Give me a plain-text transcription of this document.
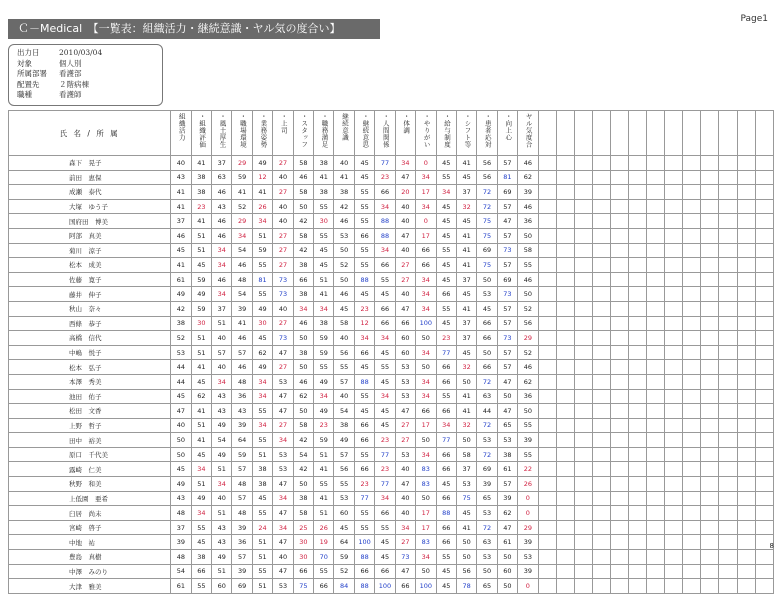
Ｃ－Medical　【一覧表：組織活力・継続意識・ヤル気の度合い】
Page1
出力日	2010/03/04
対象	個人別
所属部署	看護部
配置先	２階病棟
職種	看護師
氏 名 / 所 属	組織活力	・組織評価	・風土厚生	・職場環境	・業務姿勢	・上司	・スタッフ	・職務満足	継続意識	・継続意思	・人間関係	・体調	・やりがい	・給与制度	・シフト等	・患者応対	・向上心	ヤル気度合													

森下　晃子	40	41	37	29	49	27	58	38	40	45	77	34	0	45	41	56	57	46													
前田　恵保	43	38	63	59	12	40	46	41	41	45	23	47	34	55	45	56	81	62													
成瀬　泰代	41	38	46	41	41	27	58	38	38	55	66	20	17	34	37	72	69	39													
大塚　ゆう子	41	23	43	52	26	40	50	55	42	55	34	40	34	45	32	72	57	46													
国府田　博美	37	41	46	29	34	40	42	30	46	55	88	40	0	45	45	75	47	36													
阿部　真美	46	51	46	34	51	27	58	55	53	66	88	47	17	45	41	75	57	50													
菊川　涼子	45	51	34	54	59	27	42	45	50	55	34	40	66	55	41	69	73	58													
松本　成美	41	45	34	46	55	27	38	45	52	55	66	27	66	45	41	75	57	55													
佐藤　寛子	61	59	46	48	81	73	66	51	50	88	55	27	34	45	37	50	69	46													
藤井　伸子	49	49	34	54	55	73	38	41	46	45	45	40	34	66	45	53	73	50													
秋山　奈々	42	59	37	39	49	40	34	34	45	23	66	47	34	55	41	45	57	52													
西條　恭子	38	30	51	41	30	27	46	38	58	12	66	66	100	45	37	66	57	56													
高橋　信代	52	51	40	46	45	73	50	59	40	34	34	60	50	23	37	66	73	29													
中嶋　悦子	53	51	57	57	62	47	38	59	56	66	45	60	34	77	45	50	57	52													
松本　弘子	44	41	40	46	49	27	50	55	55	45	55	53	50	66	32	66	57	46													
本澤　秀美	44	45	34	48	34	53	46	49	57	88	45	53	34	66	50	72	47	62													
池田　佑子	45	62	43	36	34	47	62	34	40	55	34	53	34	55	41	63	50	36													
松田　文香	47	41	43	43	55	47	50	49	54	45	45	47	66	66	41	44	47	50													
上野　哲子	40	51	49	39	34	27	58	23	38	66	45	27	17	34	32	72	65	55													
田中　裕美	50	41	54	64	55	34	42	59	49	66	23	27	50	77	50	53	53	39													
原口　千代美	50	45	49	59	51	53	54	51	57	55	77	53	34	66	58	72	38	55													
露崎　仁美	45	34	51	57	38	53	42	41	56	66	23	40	83	66	37	69	61	22													
秋野　和美	49	51	34	48	38	47	50	55	55	23	77	47	83	45	53	39	57	26													
上低園　亜希	43	49	40	57	45	34	38	41	53	77	34	40	50	66	75	65	39	0													
臼居　尚未	48	34	51	48	55	47	58	51	60	55	66	40	17	88	45	53	62	0													
宮崎　啓子	37	55	43	39	24	34	25	26	45	55	55	34	17	66	41	72	47	29													
中地　祐	39	45	43	36	51	47	30	19	64	100	45	27	83	66	50	63	61	39													
豊島　真樹	48	38	49	57	51	40	30	70	59	88	45	73	34	55	50	53	50	53													
中澤　みのり	54	66	51	39	55	47	66	55	52	66	66	47	50	45	56	50	60	39													
大津　雅美	61	55	60	69	51	53	75	66	84	88	100	66	100	45	78	65	50	0													
8
